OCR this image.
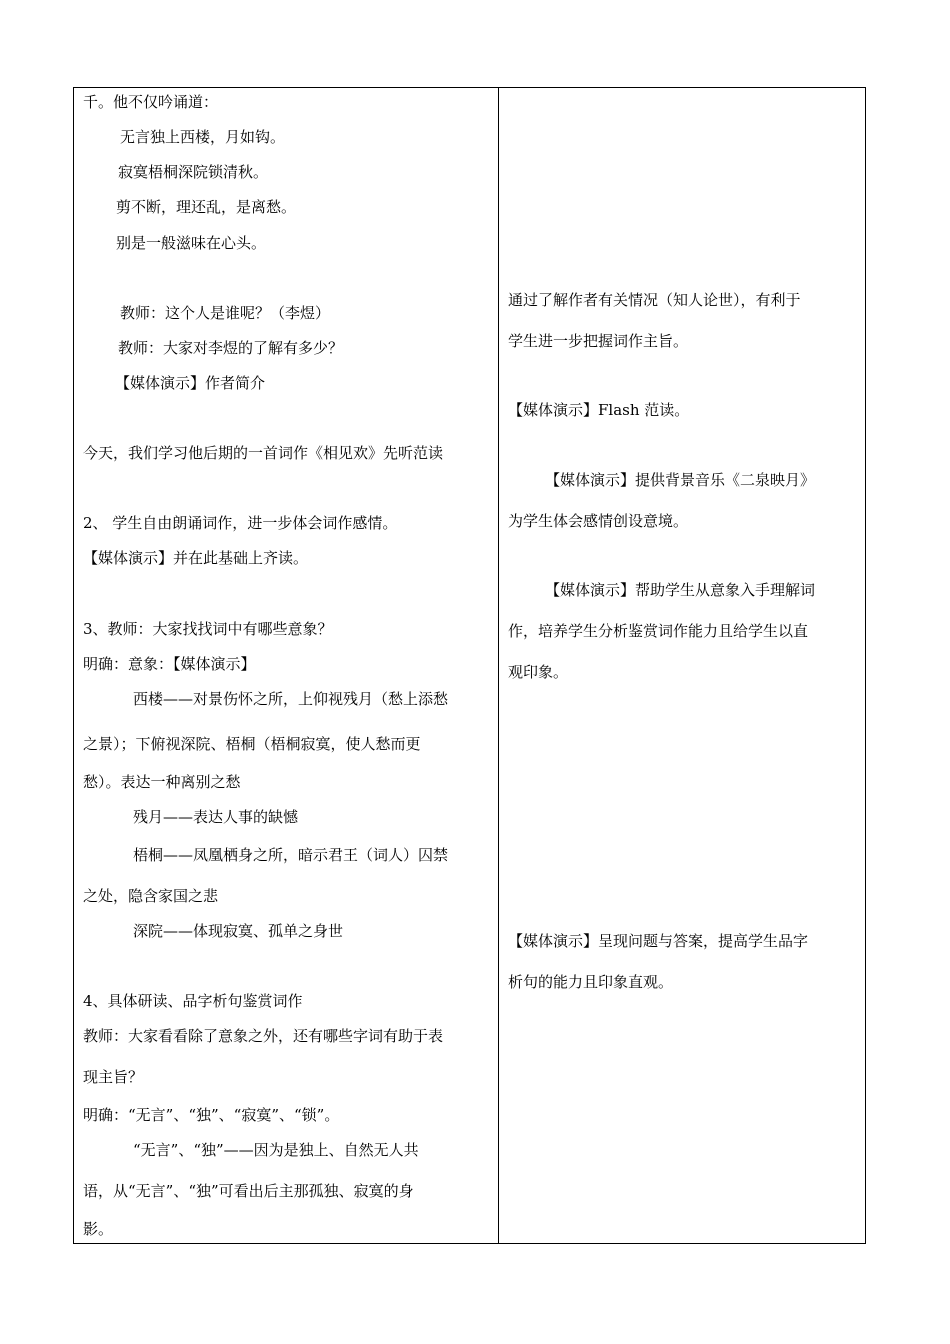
千。他不仅吟诵道：
无言独上西楼，月如钩。
寂寞梧桐深院锁清秋。
剪不断，理还乱，是离愁。
别是一般滋味在心头。
教师：这个人是谁呢？（李煜）
教师：大家对李煜的了解有多少？
【媒体演示】作者简介
今天，我们学习他后期的一首词作《相见欢》先听范读
2、 学生自由朗诵词作，进一步体会词作感情。
【媒体演示】并在此基础上齐读。
3、教师：大家找找词中有哪些意象？
明确：意象：【媒体演示】
西楼——对景伤怀之所，上仰视残月（愁上添愁
之景）；下俯视深院、梧桐（梧桐寂寞，使人愁而更
愁）。表达一种离别之愁
残月——表达人事的缺憾
梧桐——凤凰栖身之所，暗示君王（词人）囚禁
之处，隐含家国之悲
深院——体现寂寞、孤单之身世
4、具体研读、品字析句鉴赏词作
教师：大家看看除了意象之外，还有哪些字词有助于表
现主旨？
明确：“无言”、“独”、“寂寞”、“锁”。
“无言”、“独”——因为是独上、自然无人共
语，从“无言”、“独”可看出后主那孤独、寂寞的身
影。
通过了解作者有关情况（知人论世），有利于
学生进一步把握词作主旨。
【媒体演示】Flash 范读。
【媒体演示】提供背景音乐《二泉映月》
为学生体会感情创设意境。
【媒体演示】帮助学生从意象入手理解词
作，培养学生分析鉴赏词作能力且给学生以直
观印象。
【媒体演示】呈现问题与答案，提高学生品字
析句的能力且印象直观。
